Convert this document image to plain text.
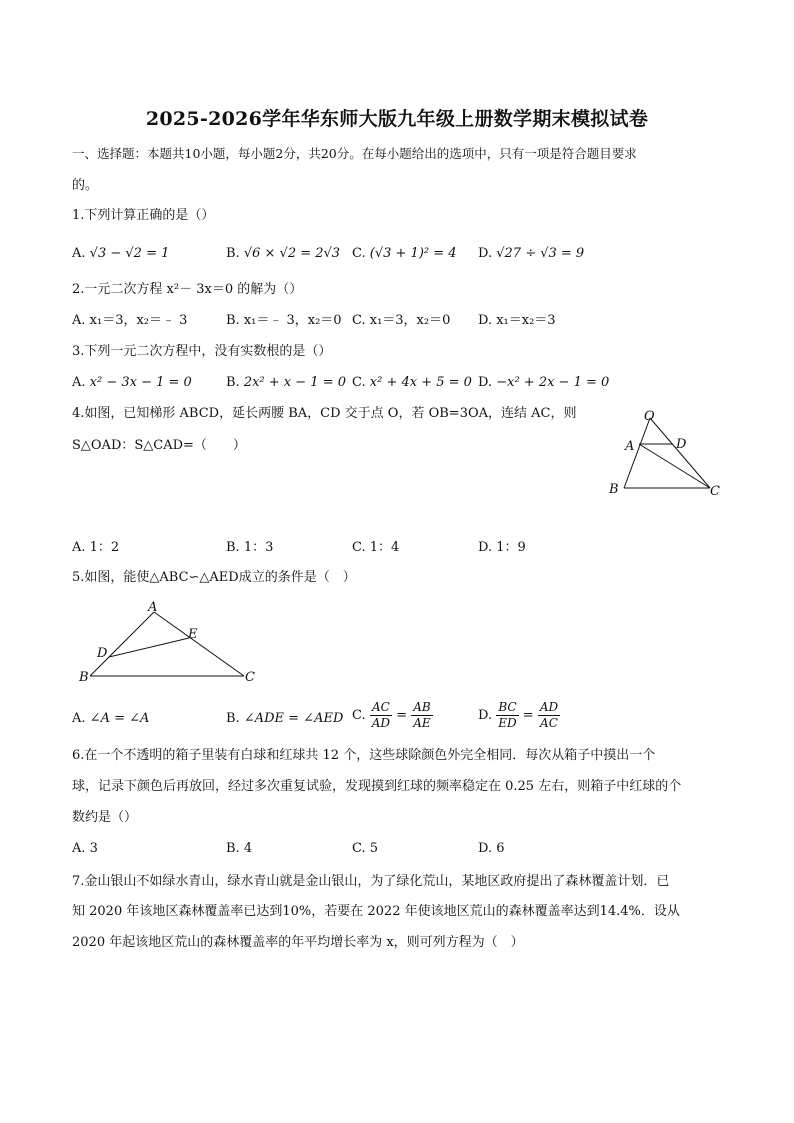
2025-2026学年华东师大版九年级上册数学期末模拟试卷
一、选择题：本题共10小题，每小题2分，共20分。在每小题给出的选项中，只有一项是符合题目要求
的。
1.下列计算正确的是（）
A. √3 − √2 = 1	B. √6 × √2 = 2√3 C. (√3 + 1)² = 4 D. √27 ÷ √3 = 9
2.一元二次方程 x²－ 3x＝0 的解为（）
A. x₁＝3，x₂＝﹣ 3	B. x₁＝﹣ 3，x₂＝0 C. x₁＝3，x₂＝0 D. x₁＝x₂＝3
3.下列一元二次方程中，没有实数根的是（）
A. x² − 3x − 1 = 0	B. 2x² + x − 1 = 0 C. x² + 4x + 5 = 0 D. −x² + 2x − 1 = 0
4.如图，已知梯形 ABCD，延长两腰 BA，CD 交于点 O，若 OB=3OA，连结 AC，则
S△OAD：S△CAD=（　　）
O
A	D
B	C
A. 1：2	B. 1：3	C. 1：4	D. 1：9
5.如图，能使△ABC∽△AED成立的条件是（　）
A
E
D
B	C
A. ∠A = ∠A	B. ∠ADE = ∠AED C. $\frac{AC}{AD} = \frac{AB}{AE}$	D. $\frac{BC}{ED} = \frac{AD}{AC}$
6.在一个不透明的箱子里装有白球和红球共 12 个，这些球除颜色外完全相同．每次从箱子中摸出一个
球，记录下颜色后再放回，经过多次重复试验，发现摸到红球的频率稳定在 0.25 左右，则箱子中红球的个
数约是（）
A. 3	B. 4	C. 5	D. 6
7.金山银山不如绿水青山，绿水青山就是金山银山，为了绿化荒山，某地区政府提出了森林覆盖计划．已
知 2020 年该地区森林覆盖率已达到10%，若要在 2022 年使该地区荒山的森林覆盖率达到14.4%．设从
2020 年起该地区荒山的森林覆盖率的年平均增长率为 x，则可列方程为（　）
